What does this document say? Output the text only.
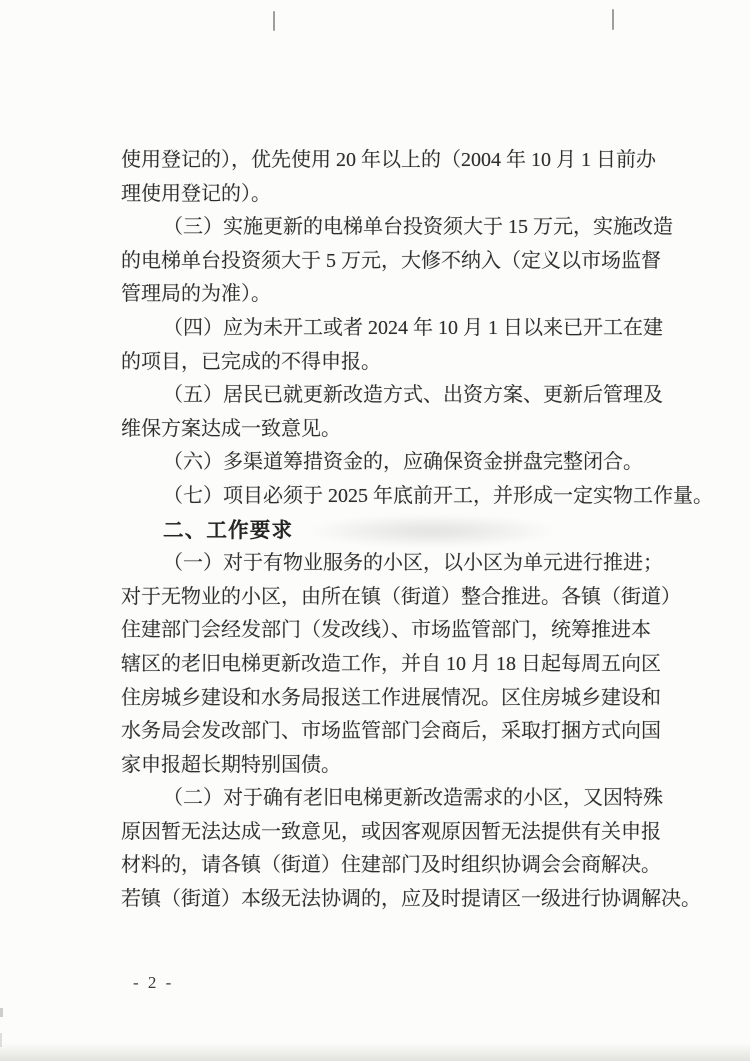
使用登记的），优先使用 20 年以上的（2004 年 10 月 1 日前办
理使用登记的）。
（三）实施更新的电梯单台投资须大于 15 万元，实施改造
的电梯单台投资须大于 5 万元，大修不纳入（定义以市场监督
管理局的为准）。
（四）应为未开工或者 2024 年 10 月 1 日以来已开工在建
的项目，已完成的不得申报。
（五）居民已就更新改造方式、出资方案、更新后管理及
维保方案达成一致意见。
（六）多渠道筹措资金的，应确保资金拼盘完整闭合。
（七）项目必须于 2025 年底前开工，并形成一定实物工作量。
二、工作要求
（一）对于有物业服务的小区，以小区为单元进行推进；
对于无物业的小区，由所在镇（街道）整合推进。各镇（街道）
住建部门会经发部门（发改线）、市场监管部门，统筹推进本
辖区的老旧电梯更新改造工作，并自 10 月 18 日起每周五向区
住房城乡建设和水务局报送工作进展情况。区住房城乡建设和
水务局会发改部门、市场监管部门会商后，采取打捆方式向国
家申报超长期特别国债。
（二）对于确有老旧电梯更新改造需求的小区，又因特殊
原因暂无法达成一致意见，或因客观原因暂无法提供有关申报
材料的，请各镇（街道）住建部门及时组织协调会会商解决。
若镇（街道）本级无法协调的，应及时提请区一级进行协调解决。
- 2 -
